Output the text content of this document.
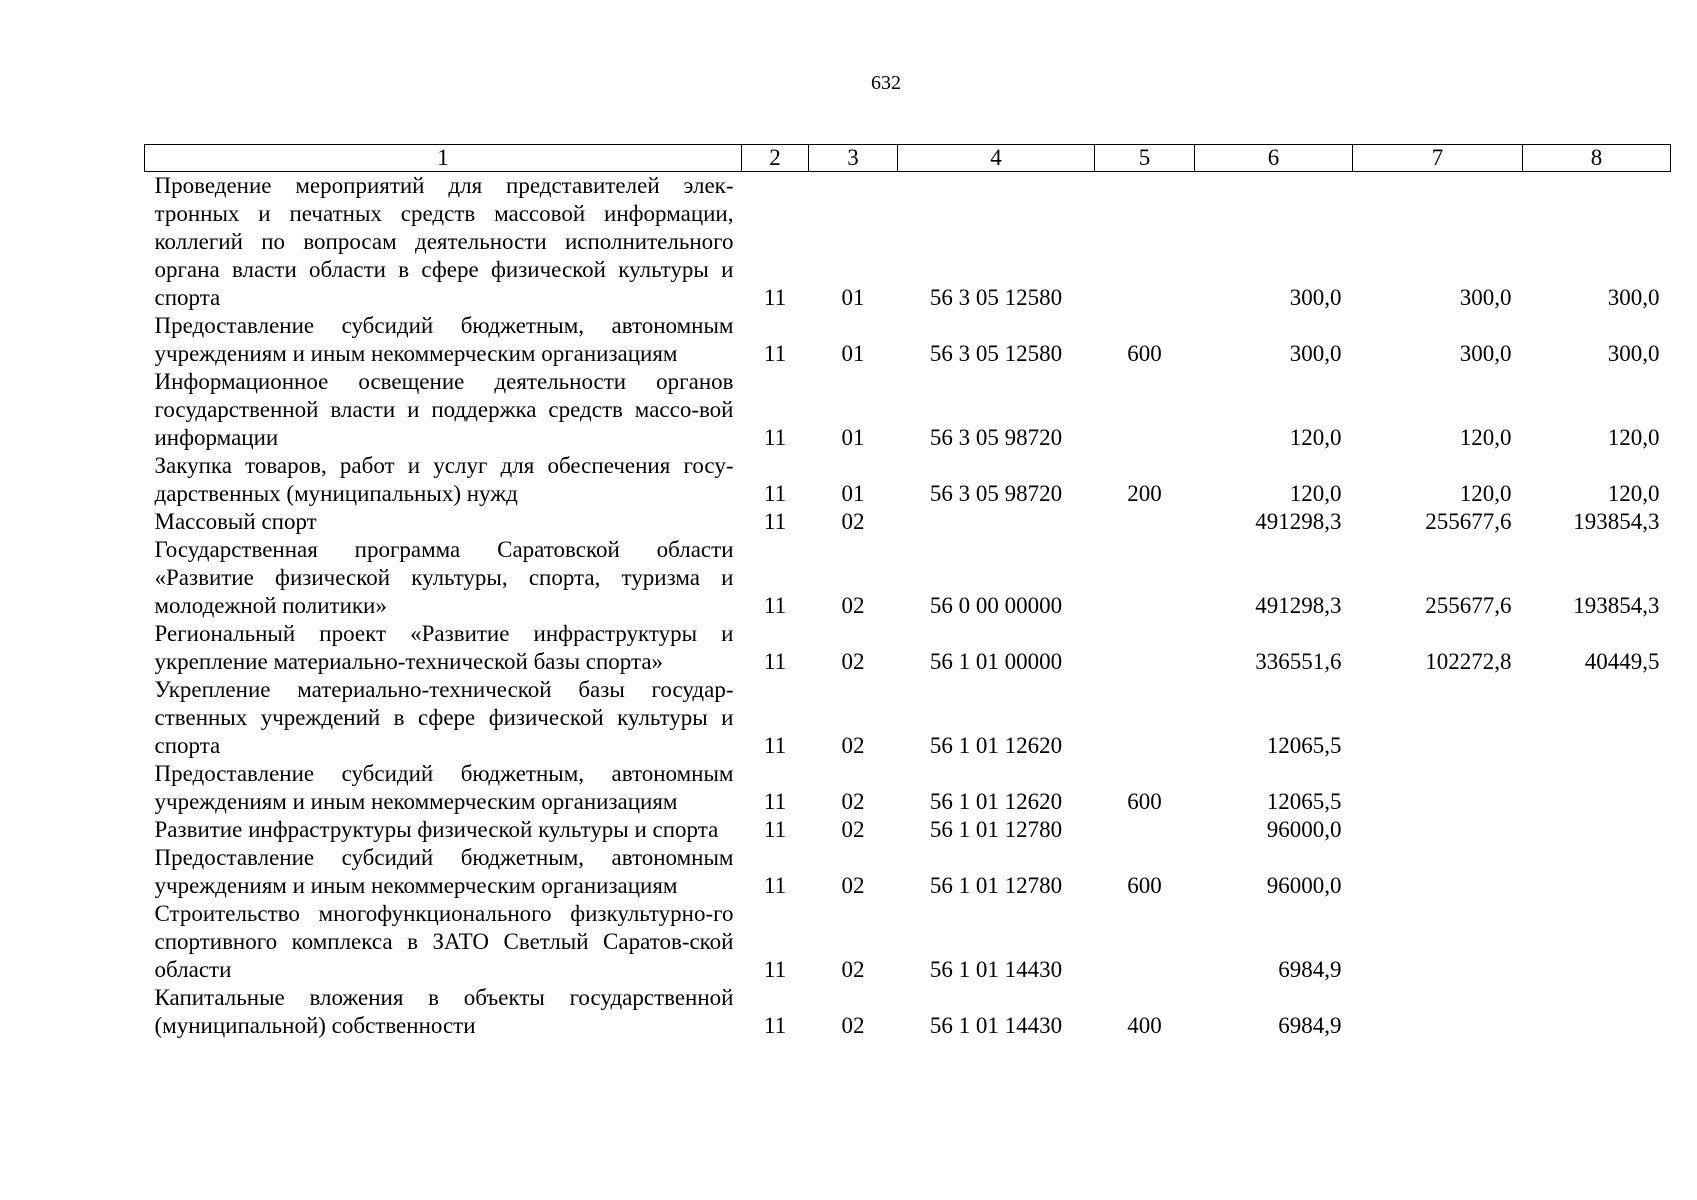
632
1	2	3	4	5	6	7	8
Проведение мероприятий для представителей элек-тронных и печатных средств массовой информации, коллегий по вопросам деятельности исполнительного органа власти области в сфере физической культуры и спорта	11	01	56 3 05 12580		300,0	300,0	300,0
Предоставление субсидий бюджетным, автономным учреждениям и иным некоммерческим организациям	11	01	56 3 05 12580	600	300,0	300,0	300,0
Информационное освещение деятельности органов государственной власти и поддержка средств массо-вой информации	11	01	56 3 05 98720		120,0	120,0	120,0
Закупка товаров, работ и услуг для обеспечения госу-дарственных (муниципальных) нужд	11	01	56 3 05 98720	200	120,0	120,0	120,0
Массовый спорт	11	02			491298,3	255677,6	193854,3
Государственная программа Саратовской области «Развитие физической культуры, спорта, туризма и молодежной политики»	11	02	56 0 00 00000		491298,3	255677,6	193854,3
Региональный проект «Развитие инфраструктуры и укрепление материально-технической базы спорта»	11	02	56 1 01 00000		336551,6	102272,8	40449,5
Укрепление материально-технической базы государ-ственных учреждений в сфере физической культуры и спорта	11	02	56 1 01 12620		12065,5		
Предоставление субсидий бюджетным, автономным учреждениям и иным некоммерческим организациям	11	02	56 1 01 12620	600	12065,5		
Развитие инфраструктуры физической культуры и спорта	11	02	56 1 01 12780		96000,0		
Предоставление субсидий бюджетным, автономным учреждениям и иным некоммерческим организациям	11	02	56 1 01 12780	600	96000,0		
Строительство многофункционального физкультурно-го спортивного комплекса в ЗАТО Светлый Саратов-ской области	11	02	56 1 01 14430		6984,9		
Капитальные вложения в объекты государственной (муниципальной) собственности	11	02	56 1 01 14430	400	6984,9		
